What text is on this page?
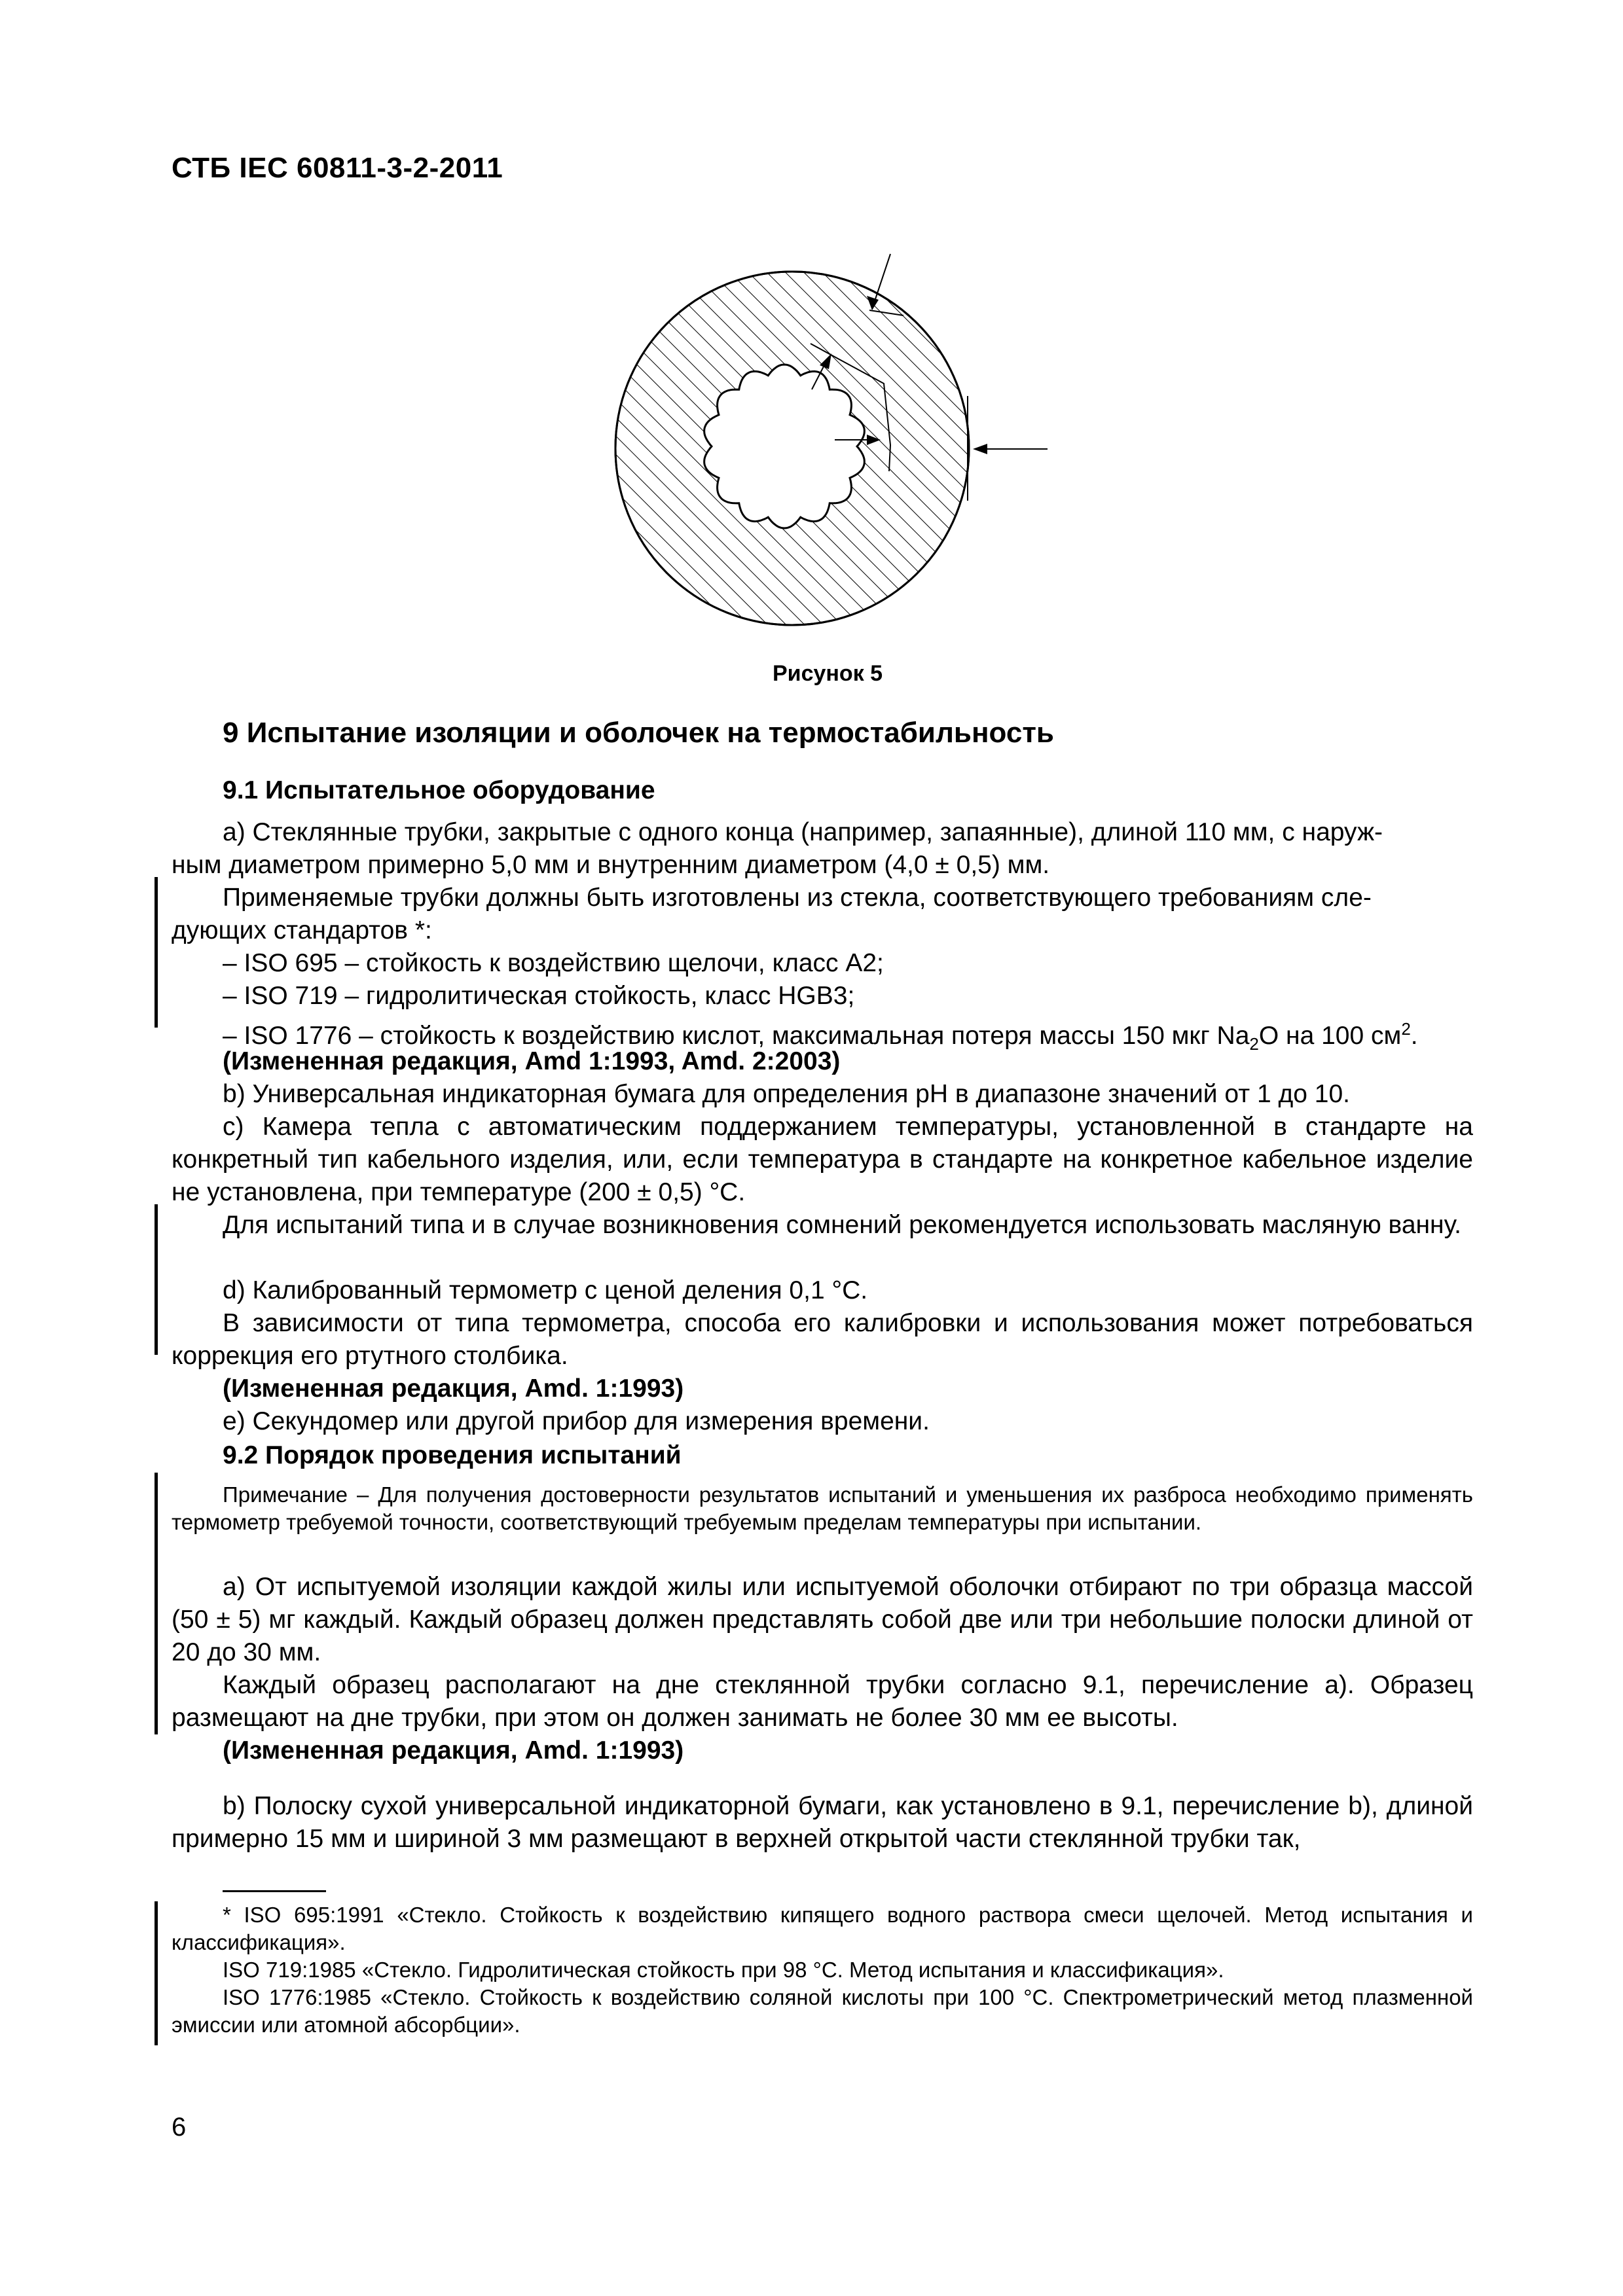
СТБ IEC 60811-3-2-2011
Рисунок 5
9 Испытание изоляции и оболочек на термостабильность
9.1 Испытательное оборудование
a) Стеклянные трубки, закрытые с одного конца (например, запаянные), длиной 110 мм, с наруж-
ным диаметром примерно 5,0 мм и внутренним диаметром (4,0 ± 0,5) мм.
Применяемые трубки должны быть изготовлены из стекла, соответствующего требованиям сле-
дующих стандартов *:
– ISO 695 – стойкость к воздействию щелочи, класс A2;
– ISO 719 – гидролитическая стойкость, класс HGB3;
– ISO 1776 – стойкость к воздействию кислот, максимальная потеря массы 150 мкг $Na_2O$ на 100 $см^2$.
(Измененная редакция, Amd 1:1993, Amd. 2:2003)
b) Универсальная индикаторная бумага для определения pH в диапазоне значений от 1 до 10.
c) Камера тепла с автоматическим поддержанием температуры, установленной в стандарте на конкретный тип кабельного изделия, или, если температура в стандарте на конкретное кабельное изделие не установлена, при температуре (200 ± 0,5) °C.
Для испытаний типа и в случае возникновения сомнений рекомендуется использовать масляную ванну.
d) Калиброванный термометр с ценой деления 0,1 °C.
В зависимости от типа термометра, способа его калибровки и использования может потребоваться коррекция его ртутного столбика.
(Измененная редакция, Amd. 1:1993)
e) Секундомер или другой прибор для измерения времени.
9.2 Порядок проведения испытаний
Примечание – Для получения достоверности результатов испытаний и уменьшения их разброса необходимо применять термометр требуемой точности, соответствующий требуемым пределам температуры при испытании.
a) От испытуемой изоляции каждой жилы или испытуемой оболочки отбирают по три образца массой (50 ± 5) мг каждый. Каждый образец должен представлять собой две или три небольшие полоски длиной от 20 до 30 мм.
Каждый образец располагают на дне стеклянной трубки согласно 9.1, перечисление a). Образец размещают на дне трубки, при этом он должен занимать не более 30 мм ее высоты.
(Измененная редакция, Amd. 1:1993)
b) Полоску сухой универсальной индикаторной бумаги, как установлено в 9.1, перечисление b), длиной примерно 15 мм и шириной 3 мм размещают в верхней открытой части стеклянной трубки так,
* ISO 695:1991 «Стекло. Стойкость к воздействию кипящего водного раствора смеси щелочей. Метод испытания и классификация».
ISO 719:1985 «Стекло. Гидролитическая стойкость при 98 °C. Метод испытания и классификация».
ISO 1776:1985 «Стекло. Стойкость к воздействию соляной кислоты при 100 °C. Спектрометрический метод плазменной эмиссии или атомной абсорбции».
6
